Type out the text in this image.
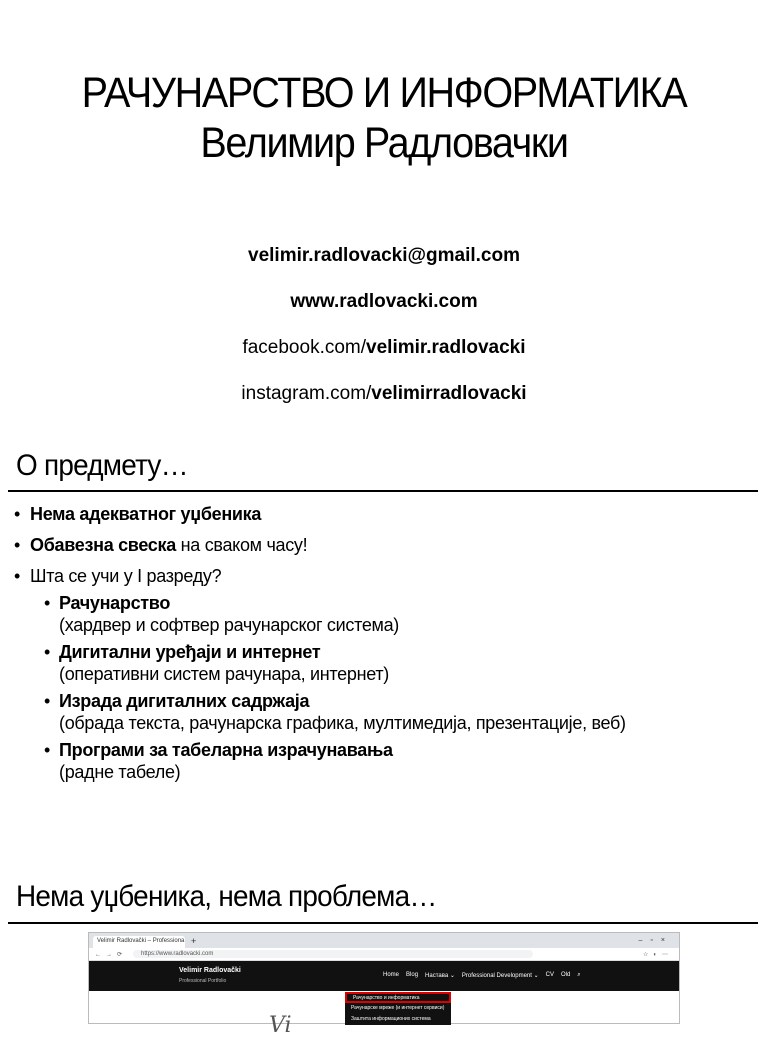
РАЧУНАРСТВО И ИНФОРМАТИКА
Велимир Радловачки
velimir.radlovacki@gmail.com
www.radlovacki.com
facebook.com/velimir.radlovacki
instagram.com/velimirradlovacki
О предмету…
• Нема адекватног уџбеника
• Обавезна свеска на сваком часу!
• Шта се учи у I разреду?
• Рачунарство
(хардвер и софтвер рачунарског система)
• Дигитални уређаји и интернет
(оперативни систем рачунара, интернет)
• Израда дигиталних садржаја
(обрада текста, рачунарска графика, мултимедија, презентације, веб)
• Програми за табеларна израчунавања
(радне табеле)
Нема уџбеника, нема проблема…
Velimir Radlovački – Professiona +	–▫×
←→⟳	https://www.radlovacki.com	☆◐⋯
Velimir Radlovački
Professional Portfolio
Home Blog Настава ⌄ Professional Development ⌄ CV Old ⌕
Рачунарство и информатика
Рачунарске мреже (и интернет сервиси)
Заштита информационих система
Vi
